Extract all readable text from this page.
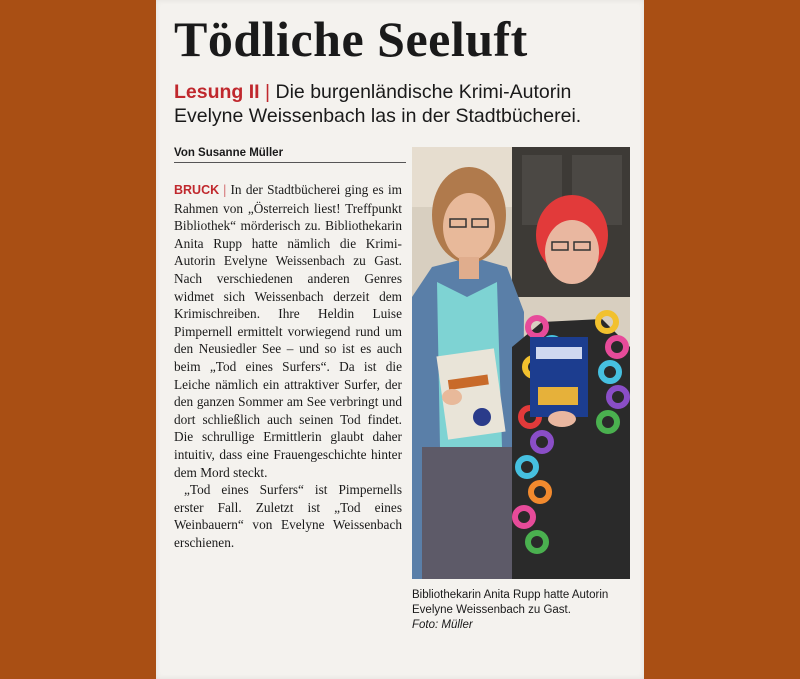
Tödliche Seeluft
Lesung II | Die burgenländische Krimi-Autorin Evelyne Weissenbach las in der Stadtbücherei.
Von Susanne Müller

BRUCK | In der Stadtbücherei ging es im Rahmen von „Österreich liest! Treffpunkt Bibliothek“ mörderisch zu. Bibliothekarin Anita Rupp hatte nämlich die Krimi-Autorin Evelyne Weissenbach zu Gast. Nach verschiedenen anderen Genres widmet sich Weissenbach derzeit dem Krimischreiben. Ihre Heldin Luise Pimpernell ermittelt vorwiegend rund um den Neusiedler See – und so ist es auch beim „Tod eines Surfers“. Da ist die Leiche nämlich ein attraktiver Surfer, der den ganzen Sommer am See verbringt und dort schließlich auch seinen Tod findet. Die schrullige Ermittlerin glaubt daher intuitiv, dass eine Frauengeschichte hinter dem Mord steckt.

„Tod eines Surfers“ ist Pimpernells erster Fall. Zuletzt ist „Tod eines Weinbauern“ von Evelyne Weissenbach erschienen.

Bibliothekarin Anita Rupp hatte Autorin Evelyne Weissenbach zu Gast.
Foto: Müller
